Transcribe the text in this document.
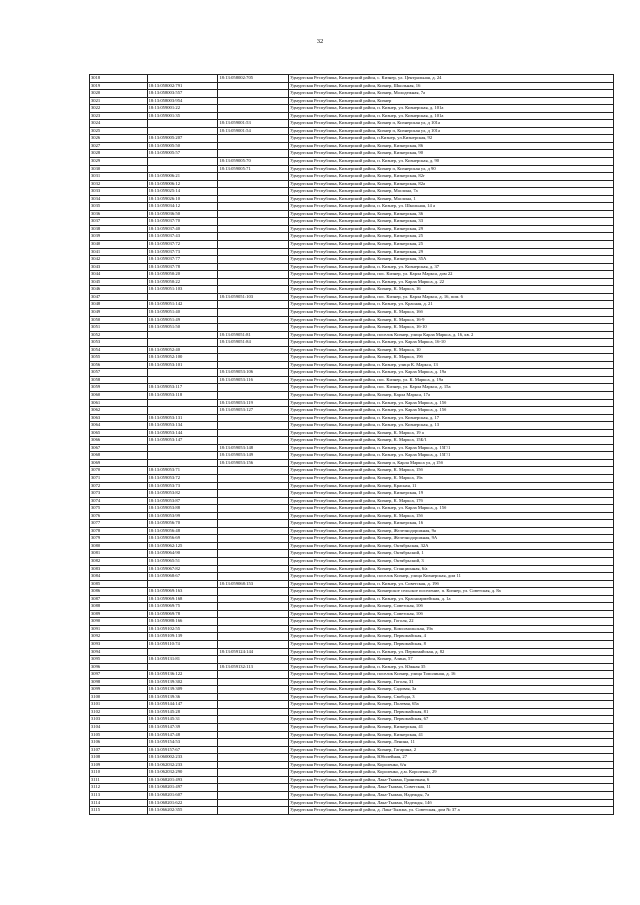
32
3018		18:13:058002:705	Удмуртская Республика, Кизнерский район, с. Кизнер, ул. Центральная, д. 24
3019	18:13:058002:791		Удмуртская Республика, Кизнерский район, Кизнер, Школьная, 16
3020	18:13:058003:557		Удмуртская Республика, Кизнерский район, Кизнер, Молодежная, 7а
3021	18:13:058003:954		Удмуртская Республика, Кизнерский район, Кизнер
3022	18:13:059001:22		Удмуртская Республика, Кизнерский район, п. Кизнер, ул. Кизнерская, д. 101а
3023	18:13:059001:35		Удмуртская Республика, Кизнерский район, п. Кизнер, ул. Кизнерская, д. 101а
3024		18:13:059001:53	Удмуртская Республика, Кизнерский район, Кизнер п, Кизнерская ул, д 101а
3025		18:13:059001:54	Удмуртская Республика, Кизнерский район, Кизнер п, Кизнерская ул, д 101а
3026	18:13:059005:207		Удмуртская Республика, Кизнерский район, п.Кизнер, ул.Кизнерская, 92
3027	18:13:059005:50		Удмуртская Республика, Кизнерский район, Кизнер, Кизнерская, 86
3028	18:13:059005:57		Удмуртская Республика, Кизнерский район, Кизнер, Кизнерская, 90
3029		18:13:059005:70	Удмуртская Республика, Кизнерский район, п. Кизнер, ул. Кизнерская, д. 90
3030		18:13:059005:71	Удмуртская Республика, Кизнерский район, Кизнер п, Кизнерская ул, д 90
3031	18:13:059006:21		Удмуртская Республика, Кизнерский район, Кизнер, Кизнерская, 82г
3032	18:13:059006:12		Удмуртская Республика, Кизнерский район, Кизнер, Кизнерская, 82а
3033	18:13:059025:14		Удмуртская Республика, Кизнерский район, Кизнер, Маслина, 7а
3034	18:13:059026:10		Удмуртская Республика, Кизнерский район, Кизнер, Маслина, 1
3035	18:13:059034:12		Удмуртская Республика, Кизнерский район, п. Кизнер, ул. Школьная, 14 а
3036	18:13:059036:50		Удмуртская Республика, Кизнерский район, Кизнер, Кизнерская, 36
3037	18:13:059037:70		Удмуртская Республика, Кизнерский район, Кизнер, Кизнерская, 33
3038	18:13:059037:40		Удмуртская Республика, Кизнерский район, Кизнер, Кизнерская, 29
3039	18:13:059037:43		Удмуртская Республика, Кизнерский район, Кизнер, Кизнерская, 25
3040	18:13:059037:72		Удмуртская Республика, Кизнерский район, Кизнер, Кизнерская, 25
3041	18:13:059037:73		Удмуртская Республика, Кизнерский район, Кизнер, Кизнерская, 29
3042	18:13:059037:77		Удмуртская Республика, Кизнерский район, Кизнер, Кизнерская, 35А
3043	18:13:059037:78		Удмуртская Республика, Кизнерский район, п. Кизнер, ул. Кизнерская, д. 37
3044	18:13:059050:20		Удмуртская Республика, Кизнерский район, пос. Кизнер, ул. Карла Маркса, дом 22
3045	18:13:059050:22		Удмуртская Республика, Кизнерский район, п. Кизнер, ул. Карла Маркса, д. 22
3046	18:13:059051:103		Удмуртская Республика, Кизнерский район, Кизнер, К. Маркса, 16
3047		18:13:059051:103	Удмуртская Республика, Кизнерский район, пос. Кизнер, ул. Карла Маркса, д. 16, пом. 6
3048	18:13:059051:142		Удмуртская Республика, Кизнерский район, п. Кизнер, ул. Красная, д. 21
3049	18:13:059051:40		Удмуртская Республика, Кизнерский район, Кизнер, К. Маркса, 16б
3050	18:13:059051:49		Удмуртская Республика, Кизнерский район, Кизнер, К. Маркса, 16-9
3051	18:13:059051:50		Удмуртская Республика, Кизнерский район, Кизнер, К. Маркса, 16-10
3052		18:13:059051:81	Удмуртская Республика, Кизнерский район, поселок Кизнер, улица Карла Маркса, д. 16, кв. 2
3053		18:13:059051:84	Удмуртская Республика, Кизнерский район, п. Кизнер, ул. Карла Маркса, 16-10
3054	18:13:059052:40		Удмуртская Республика, Кизнерский район, Кизнер, К. Маркса, 10
3055	18:13:059052:100		Удмуртская Республика, Кизнерский район, Кизнер, К. Маркса, 19б
3056	18:13:059053:101		Удмуртская Республика, Кизнерский район, п. Кизнер, улица К. Маркса, 13
3057		18:13:059053:106	Удмуртская Республика, Кизнерский район, п. Кизнер, ул. Карла Маркса, д. 19а
3058		18:13:059053:116	Удмуртская Республика, Кизнерский район, пос. Кизнер, ул. К. Маркса, д. 19а
3059	18:13:059053:117		Удмуртская Республика, Кизнерский район, пос. Кизнер, ул. Карла Маркса, д. 15а
3060	18:13:059053:118		Удмуртская Республика, Кизнерский район, Кизнер, Карла Маркса, 17а
3061		18:13:059053:119	Удмуртская Республика, Кизнерский район, п. Кизнер, ул. Карла Маркса, д. 15б
3062		18:13:059053:127	Удмуртская Республика, Кизнерский район, п. Кизнер, ул. Карла Маркса, д. 15б
3063	18:13:059053:131		Удмуртская Республика, Кизнерский район, п. Кизнер, ул. Кизнерская, д. 17
3064	18:13:059053:134		Удмуртская Республика, Кизнерский район, п. Кизнер, ул. Кизнерская, д. 13
3065	18:13:059053:144		Удмуртская Республика, Кизнерский район, Кизнер, К. Маркса, 19 а
3066	18:13:059053:147		Удмуртская Республика, Кизнерский район, Кизнер, К. Маркса, 15Б/1
3067		18:13:059053:148	Удмуртская Республика, Кизнерский район, п. Кизнер, ул. Карла Маркса, д. 15Г/1
3068		18:13:059053:149	Удмуртская Республика, Кизнерский район, п. Кизнер, ул. Карла Маркса, д. 15Г/1
3069		18:13:059053:156	Удмуртская Республика, Кизнерский район, Кизнер п, Карла Маркса ул, д 15б
3070	18:13:059053:71		Удмуртская Республика, Кизнерский район, Кизнер, К. Маркса, 15б
3071	18:13:059053:72		Удмуртская Республика, Кизнерский район, Кизнер, К. Маркса, 19а
3072	18:13:059053:73		Удмуртская Республика, Кизнерский район, Кизнер, Красная, 11
3073	18:13:059053:82		Удмуртская Республика, Кизнерский район, Кизнер, Кизнерская, 19
3074	18:13:059053:87		Удмуртская Республика, Кизнерский район, Кизнер, К. Маркса, 17б
3075	18:13:059053:88		Удмуртская Республика, Кизнерский район, п. Кизнер, ул. Карла Маркса, д. 15б
3076	18:13:059053:99		Удмуртская Республика, Кизнерский район, Кизнер, К. Маркса, 15б
3077	18:13:059056:70		Удмуртская Республика, Кизнерский район, Кизнер, Кизнерская, 16
3078	18:13:059056:48		Удмуртская Республика, Кизнерский район, Кизнер, Железнодорожная, 9а
3079	18:13:059056:69		Удмуртская Республика, Кизнерский район, Кизнер, Железнодорожная, 9А
3080	18:13:059062:125		Удмуртская Республика, Кизнерский район, Кизнер, Октябрьская, 32А
3081	18:13:059064:90		Удмуртская Республика, Кизнерский район, Кизнер, Октябрьский, 1
3082	18:13:059065:51		Удмуртская Республика, Кизнерский район, Кизнер, Октябрьский, 3
3083	18:13:059067:82		Удмуртская Республика, Кизнерский район, Кизнер, Станционная, 6/а
3084	18:13:059068:67		Удмуртская Республика, Кизнерский район, поселок Кизнер, улица Кизнерская, дом 11
3085		18:13:059068:153	Удмуртская Республика, Кизнерский район, п. Кизнер, ул. Советская, д. 19б
3086	18:13:059069:163		Удмуртская Республика, Кизнерский район, Кизнерское сельское поселение, п. Кизнер, ул. Советская, д. 8а
3087	18:13:059069:168		Удмуртская Республика, Кизнерский район, п. Кизнер, ул. Красноармейская, д. 1а
3088	18:13:059069:75		Удмуртская Республика, Кизнерский район, Кизнер, Советская, 10б
3089	18:13:059069:78		Удмуртская Республика, Кизнерский район, Кизнер, Советская, 10б
3090	18:13:059088:166		Удмуртская Республика, Кизнерский район, Кизнер, Гоголя, 22
3091	18:13:059102:55		Удмуртская Республика, Кизнерский район, Кизнер, Комсомольская, 19а
3092	18:13:059109:139		Удмуртская Республика, Кизнерский район, Кизнер, Первомайская, 4
3093	18:13:059110:74		Удмуртская Республика, Кизнерский район, Кизнер, Первомайская, 8
3094		18:13:059124:144	Удмуртская Республика, Кизнерский район, п. Кизнер, ул. Первомайская, д. 82
3095	18:13:059131:81		Удмуртская Республика, Кизнерский район, Кизнер, Азина, 57
3096		18:13:059132:113	Удмуртская Республика, Кизнерский район, п. Кизнер, ул. Южная 35
3097	18:13:059136:122		Удмуртская Республика, Кизнерский район, поселок Кизнер, улица Тополиная, д. 16
3098	18:13:059139:302		Удмуртская Республика, Кизнерский район, Кизнер, Гоголя, 31
3099	18:13:059139:309		Удмуртская Республика, Кизнерский район, Кизнер, Садовая, 3а
3100	18:13:059139:36		Удмуртская Республика, Кизнерский район, Кизнер, Свобода, 3
3101	18:13:059144:147		Удмуртская Республика, Кизнерский район, Кизнер, Полевая, 65а
3102	18:13:059145:28		Удмуртская Республика, Кизнерский район, Кизнер, Первомайская, 81
3103	18:13:059145:31		Удмуртская Республика, Кизнерский район, Кизнер, Первомайская, 67
3104	18:13:059147:39		Удмуртская Республика, Кизнерский район, Кизнер, Кизнерская, 41
3105	18:13:059147:48		Удмуртская Республика, Кизнерский район, Кизнер, Кизнерская, 41
3106	18:13:059154:53		Удмуртская Республика, Кизнерский район, Кизнер, Ленина, 11
3107	18:13:059157:67		Удмуртская Республика, Кизнерский район, Кизнер, Гагарина, 2
3108	18:13:060002:233		Удмуртская Республика, Кизнерский район, Юбилейная, 27
3109	18:13:062032:233		Удмуртская Республика, Кизнерский район, Короленко, 6/н
3110	18:13:062032:290		Удмуртская Республика, Кизнерский район, Короленко, д.м. Короленко, 29
3111	18:13:068201:493		Удмуртская Республика, Кизнерский район, Лака-Тыжма, Граничная, 6
3112	18:13:068201:497		Удмуртская Республика, Кизнерский район, Лака-Тыжма, Советская, 11
3113	18:13:068201:607		Удмуртская Республика, Кизнерский район, Лака-Тыжма, Надежды, 7а
3114	18:13:068201:622		Удмуртская Республика, Кизнерский район, Лака-Тыжма, Надежды, 14б
3115	18:13:066202:355		Удмуртская Республика, Кизнерский район, д. Лака-Тыжма, ул. Советская, дом № 37 а
